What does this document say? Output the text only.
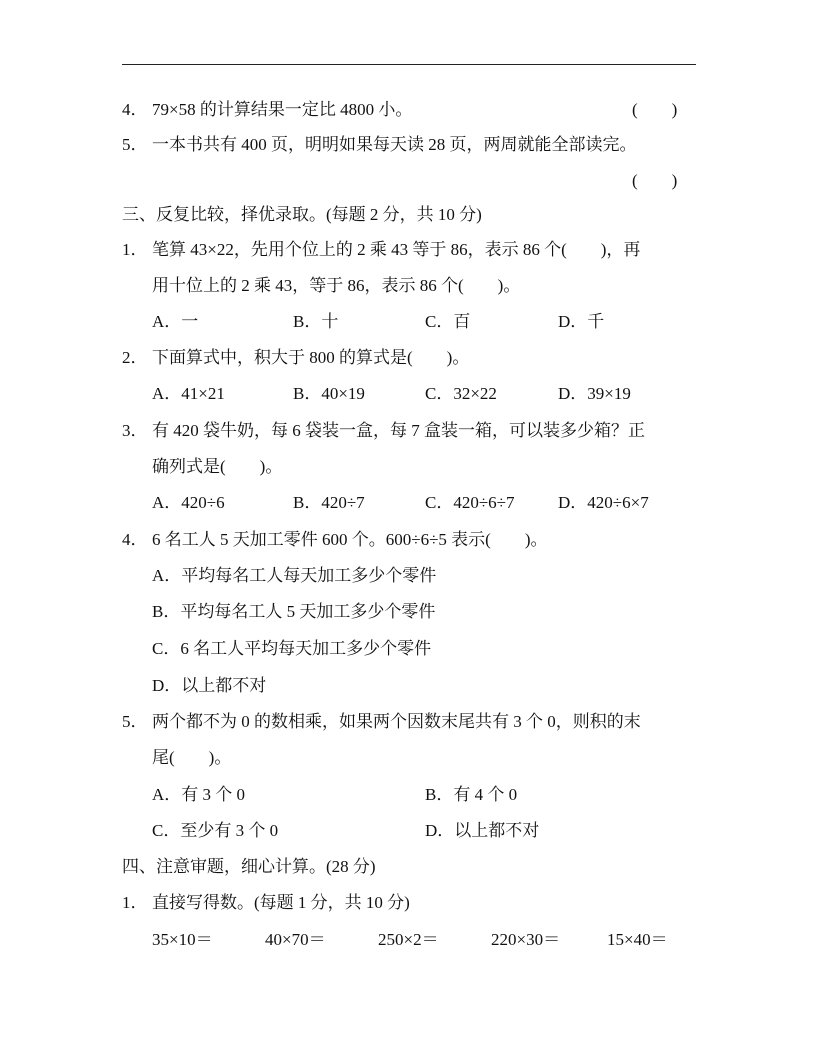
4． 79×58 的计算结果一定比 4800 小。	(　　)
5． 一本书共有 400 页，明明如果每天读 28 页，两周就能全部读完。
(　　)
三、反复比较，择优录取。(每题 2 分，共 10 分)
1． 笔算 43×22，先用个位上的 2 乘 43 等于 86，表示 86 个(　　)，再
用十位上的 2 乘 43，等于 86，表示 86 个(　　)。
A．一	B．十	C．百	D．千
2． 下面算式中，积大于 800 的算式是(　　)。
A．41×21	B．40×19	C．32×22	D．39×19
3． 有 420 袋牛奶，每 6 袋装一盒，每 7 盒装一箱，可以装多少箱？正
确列式是(　　)。
A．420÷6	B．420÷7	C．420÷6÷7	D．420÷6×7
4． 6 名工人 5 天加工零件 600 个。600÷6÷5 表示(　　)。
A．平均每名工人每天加工多少个零件
B．平均每名工人 5 天加工多少个零件
C．6 名工人平均每天加工多少个零件
D．以上都不对
5． 两个都不为 0 的数相乘，如果两个因数末尾共有 3 个 0，则积的末
尾(　　)。
A．有 3 个 0	B．有 4 个 0
C．至少有 3 个 0	D．以上都不对
四、注意审题，细心计算。(28 分)
1． 直接写得数。(每题 1 分，共 10 分)
35×10＝	40×70＝	250×2＝	220×30＝	15×40＝
